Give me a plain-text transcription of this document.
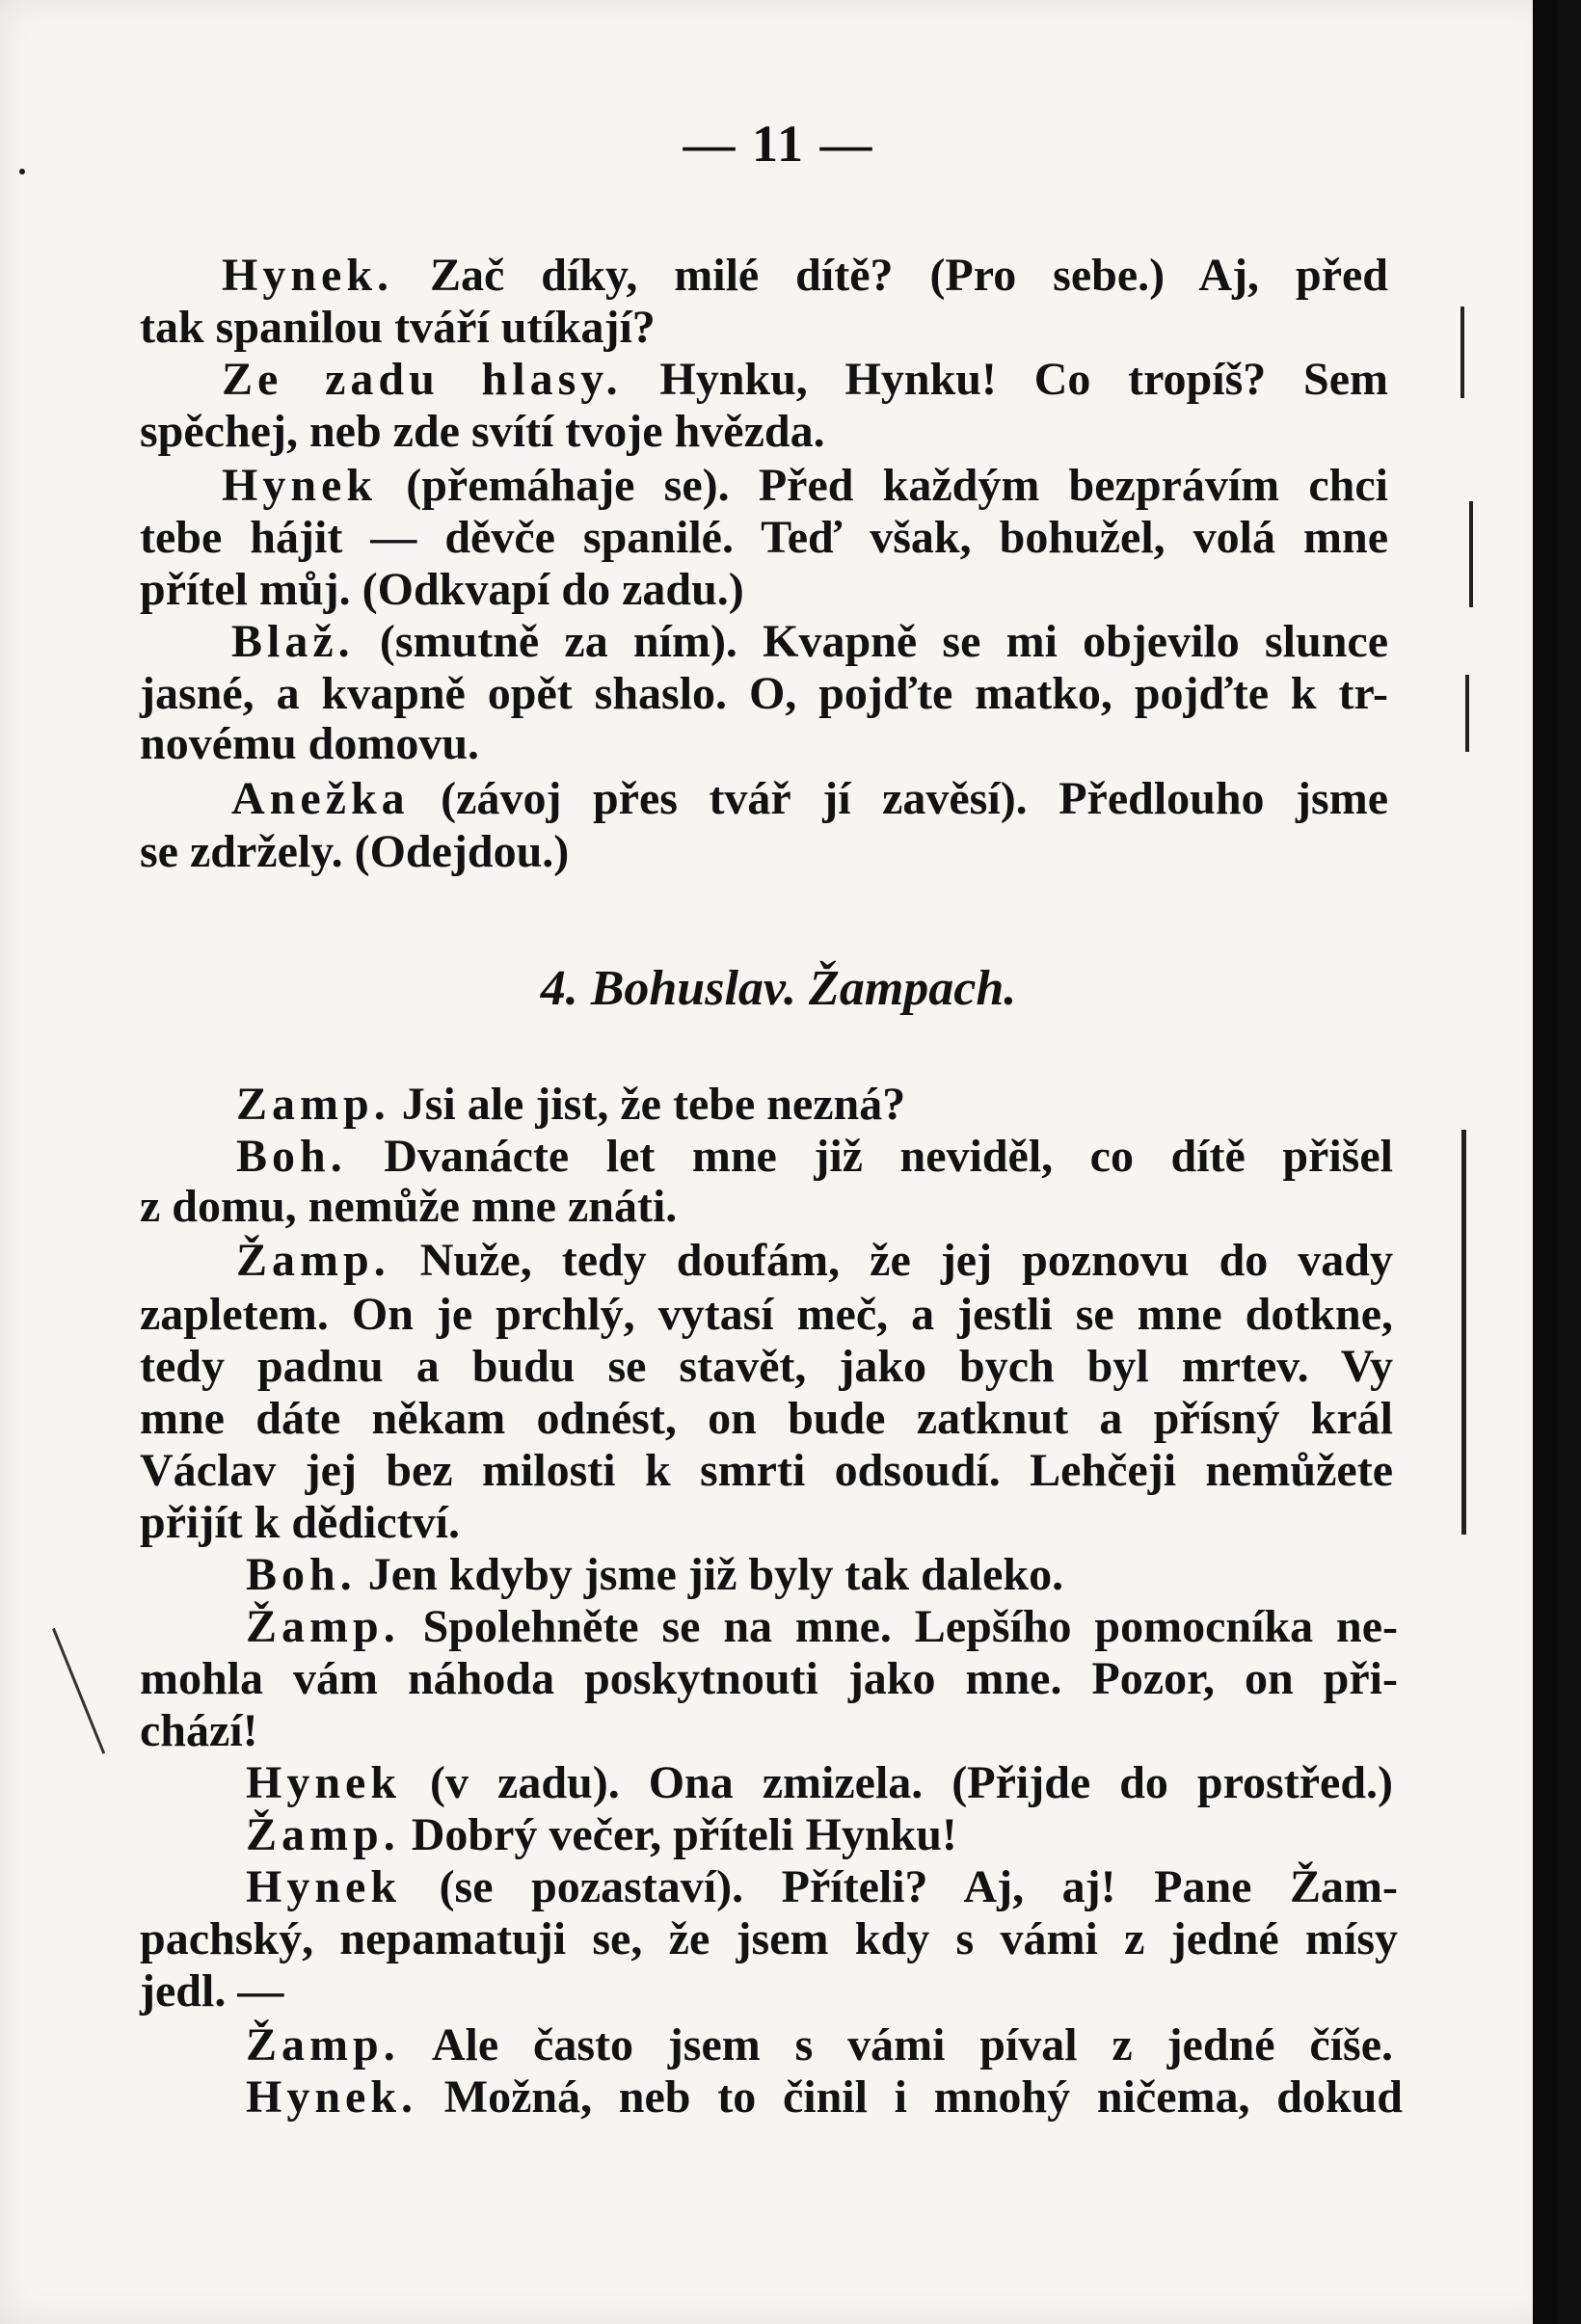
— 11 —
Hynek. Zač díky, milé dítě? (Pro sebe.) Aj, před
tak spanilou tváří utíkají?
Ze zadu hlasy. Hynku, Hynku! Co tropíš? Sem
spěchej, neb zde svítí tvoje hvězda.
Hynek (přemáhaje se). Před každým bezprávím chci
tebe hájit — děvče spanilé. Teď však, bohužel, volá mne
přítel můj. (Odkvapí do zadu.)
Blaž. (smutně za ním). Kvapně se mi objevilo slunce
jasné, a kvapně opět shaslo. O, pojďte matko, pojďte k tr-
novému domovu.
Anežka (závoj přes tvář jí zavěsí). Předlouho jsme
se zdržely. (Odejdou.)
4. Bohuslav. Žampach.
Zamp. Jsi ale jist, že tebe nezná?
Boh. Dvanácte let mne již neviděl, co dítě přišel
z domu, nemůže mne znáti.
Žamp. Nuže, tedy doufám, že jej poznovu do vady
zapletem. On je prchlý, vytasí meč, a jestli se mne dotkne,
tedy padnu a budu se stavět, jako bych byl mrtev. Vy
mne dáte někam odnést, on bude zatknut a přísný král
Václav jej bez milosti k smrti odsoudí. Lehčeji nemůžete
přijít k dědictví.
Boh. Jen kdyby jsme již byly tak daleko.
Žamp. Spolehněte se na mne. Lepšího pomocníka ne-
mohla vám náhoda poskytnouti jako mne. Pozor, on při-
chází!
Hynek (v zadu). Ona zmizela. (Přijde do prostřed.)
Žamp. Dobrý večer, příteli Hynku!
Hynek (se pozastaví). Příteli? Aj, aj! Pane Žam-
pachský, nepamatuji se, že jsem kdy s vámi z jedné mísy
jedl. —
Žamp. Ale často jsem s vámi píval z jedné číše.
Hynek. Možná, neb to činil i mnohý ničema, dokud
